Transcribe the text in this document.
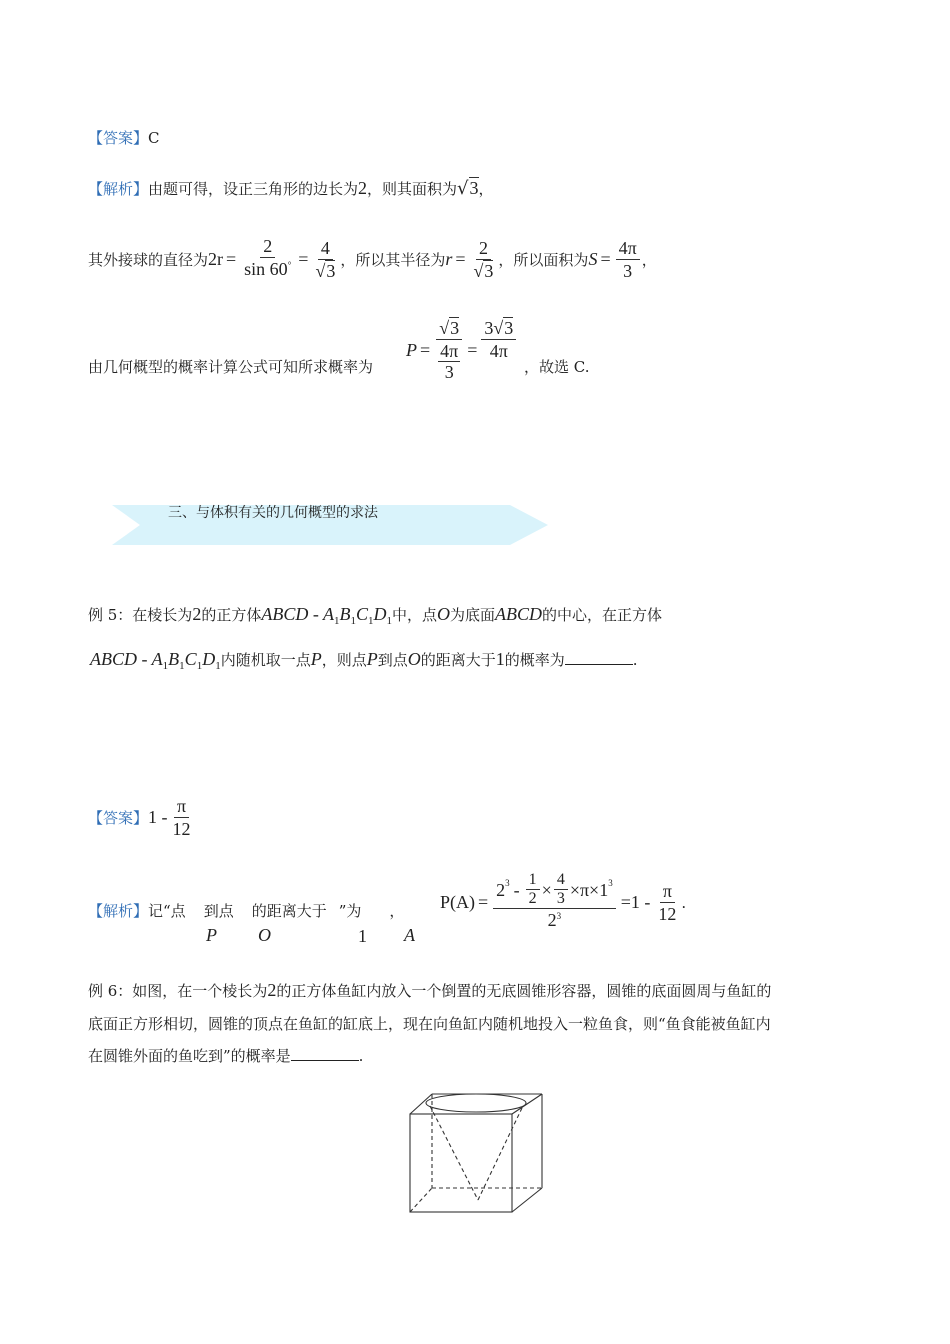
【答案】C
【解析】由题可得，设正三角形的边长为2，则其面积为√3，
其外接球的直径为 $2r = \frac{2}{\sin 60^\circ} = \frac{4}{√3}$ ，所以其半径为 $r = \frac{2}{√3}$ ，所以面积为 $S = \frac{4\pi}{3}$ ，
由几何概型的概率计算公式可知所求概率为
P = √3
4π
$3 = \frac{3√3}{4\pi}$
，故选 C.
三、与体积有关的几何概型的求法
例 5：在棱长为2的正方体ABCD - $A_1B_1C_1D_1$中，点O为底面ABCD的中心，在正方体
ABCD - $A_1B_1C_1D_1$内随机取一点P，则点P到点O的距离大于1的概率为	.
【答案】 $1 - \frac{\pi}{12}$
【解析】记“点 到点 的距离大于 ”为 ，
P O	1 A
$P(A) = \frac{2 3 - \frac{1}{2} \times \frac{4}{3} \times\pi\times 1 3}{2^3} =1 - \frac{\pi}{12}$ .
例 6：如图，在一个棱长为2的正方体鱼缸内放入一个倒置的无底圆锥形容器，圆锥的底面圆周与鱼缸的
底面正方形相切，圆锥的顶点在鱼缸的缸底上，现在向鱼缸内随机地投入一粒鱼食，则“鱼食能被鱼缸内
在圆锥外面的鱼吃到”的概率是	.
